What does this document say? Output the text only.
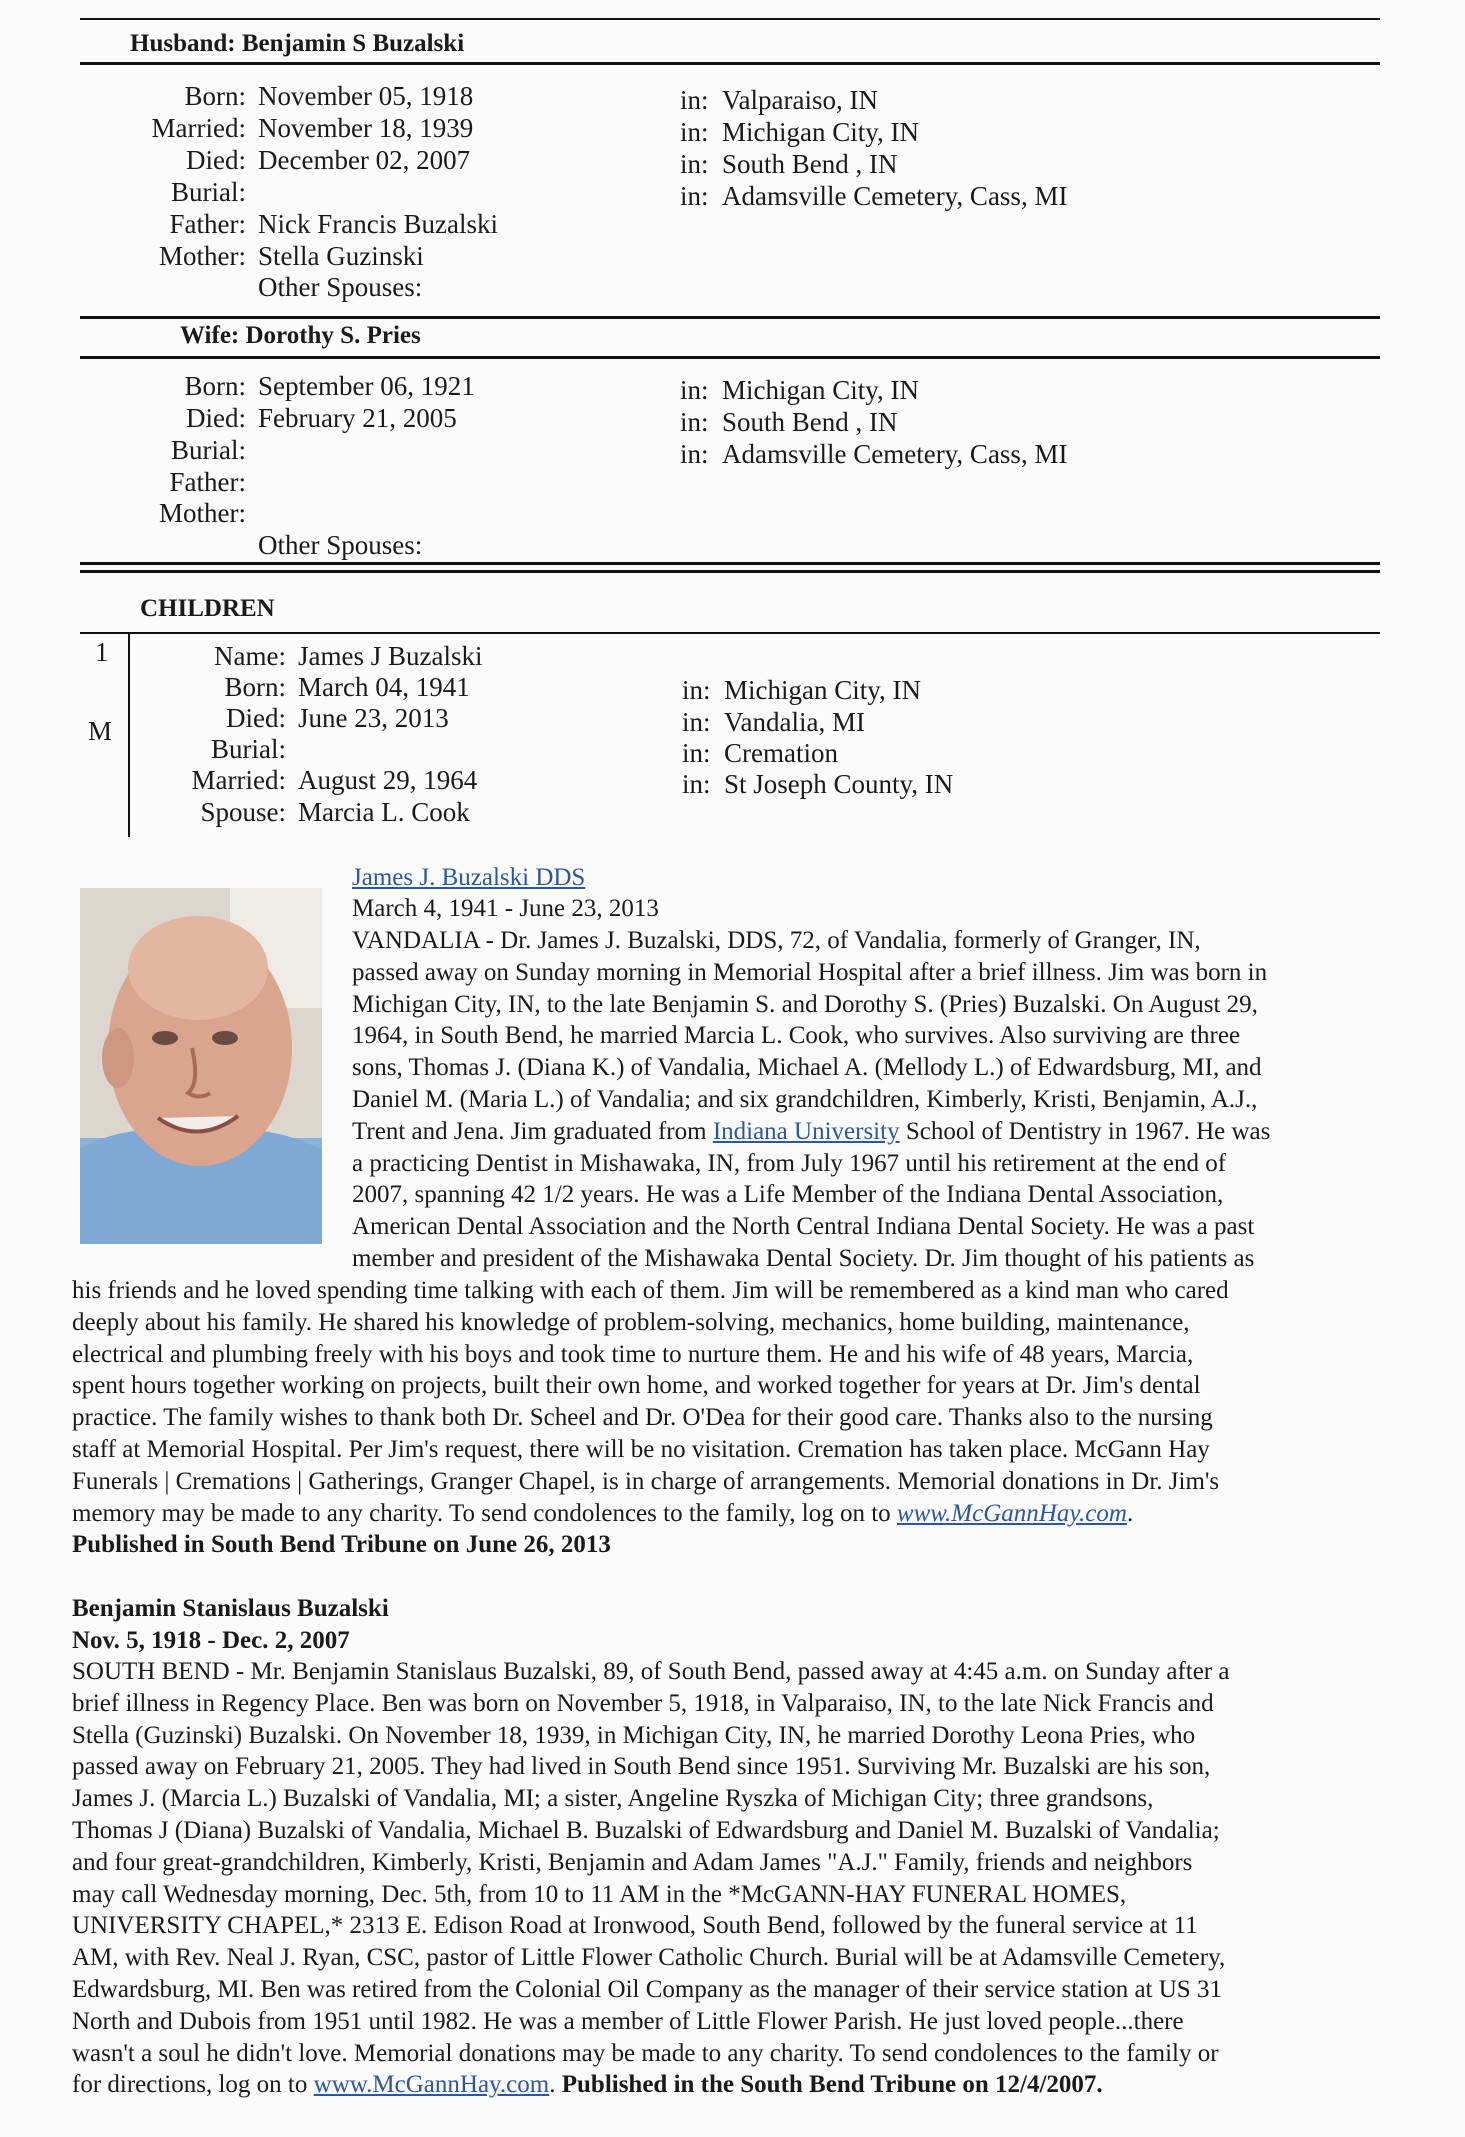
Husband: Benjamin S Buzalski
Born: November 05, 1918	in: Valparaiso, IN
Married: November 18, 1939	in: Michigan City, IN
Died: December 02, 2007	in: South Bend , IN
Burial:	in: Adamsville Cemetery, Cass, MI
Father: Nick Francis Buzalski
Mother: Stella Guzinski
Other Spouses:
Wife: Dorothy S. Pries
Born: September 06, 1921	in: Michigan City, IN
Died: February 21, 2005	in: South Bend , IN
Burial:	in: Adamsville Cemetery, Cass, MI
Father:
Mother:
Other Spouses:
CHILDREN
1
M
Name: James J Buzalski
Born: March 04, 1941	in: Michigan City, IN
Died: June 23, 2013	in: Vandalia, MI
Burial:	in: Cremation
Married: August 29, 1964	in: St Joseph County, IN
Spouse: Marcia L. Cook
James J. Buzalski DDS
March 4, 1941 - June 23, 2013
VANDALIA - Dr. James J. Buzalski, DDS, 72, of Vandalia, formerly of Granger, IN,
passed away on Sunday morning in Memorial Hospital after a brief illness. Jim was born in
Michigan City, IN, to the late Benjamin S. and Dorothy S. (Pries) Buzalski. On August 29,
1964, in South Bend, he married Marcia L. Cook, who survives. Also surviving are three
sons, Thomas J. (Diana K.) of Vandalia, Michael A. (Mellody L.) of Edwardsburg, MI, and
Daniel M. (Maria L.) of Vandalia; and six grandchildren, Kimberly, Kristi, Benjamin, A.J.,
Trent and Jena. Jim graduated from Indiana University School of Dentistry in 1967. He was
a practicing Dentist in Mishawaka, IN, from July 1967 until his retirement at the end of
2007, spanning 42 1/2 years. He was a Life Member of the Indiana Dental Association,
American Dental Association and the North Central Indiana Dental Society. He was a past
member and president of the Mishawaka Dental Society. Dr. Jim thought of his patients as
his friends and he loved spending time talking with each of them. Jim will be remembered as a kind man who cared
deeply about his family. He shared his knowledge of problem-solving, mechanics, home building, maintenance,
electrical and plumbing freely with his boys and took time to nurture them. He and his wife of 48 years, Marcia,
spent hours together working on projects, built their own home, and worked together for years at Dr. Jim's dental
practice. The family wishes to thank both Dr. Scheel and Dr. O'Dea for their good care. Thanks also to the nursing
staff at Memorial Hospital. Per Jim's request, there will be no visitation. Cremation has taken place. McGann Hay
Funerals | Cremations | Gatherings, Granger Chapel, is in charge of arrangements. Memorial donations in Dr. Jim's
memory may be made to any charity. To send condolences to the family, log on to www.McGannHay.com.
Published in South Bend Tribune on June 26, 2013
Benjamin Stanislaus Buzalski
Nov. 5, 1918 - Dec. 2, 2007
SOUTH BEND - Mr. Benjamin Stanislaus Buzalski, 89, of South Bend, passed away at 4:45 a.m. on Sunday after a
brief illness in Regency Place. Ben was born on November 5, 1918, in Valparaiso, IN, to the late Nick Francis and
Stella (Guzinski) Buzalski. On November 18, 1939, in Michigan City, IN, he married Dorothy Leona Pries, who
passed away on February 21, 2005. They had lived in South Bend since 1951. Surviving Mr. Buzalski are his son,
James J. (Marcia L.) Buzalski of Vandalia, MI; a sister, Angeline Ryszka of Michigan City; three grandsons,
Thomas J (Diana) Buzalski of Vandalia, Michael B. Buzalski of Edwardsburg and Daniel M. Buzalski of Vandalia;
and four great-grandchildren, Kimberly, Kristi, Benjamin and Adam James "A.J." Family, friends and neighbors
may call Wednesday morning, Dec. 5th, from 10 to 11 AM in the *McGANN-HAY FUNERAL HOMES,
UNIVERSITY CHAPEL,* 2313 E. Edison Road at Ironwood, South Bend, followed by the funeral service at 11
AM, with Rev. Neal J. Ryan, CSC, pastor of Little Flower Catholic Church. Burial will be at Adamsville Cemetery,
Edwardsburg, MI. Ben was retired from the Colonial Oil Company as the manager of their service station at US 31
North and Dubois from 1951 until 1982. He was a member of Little Flower Parish. He just loved people...there
wasn't a soul he didn't love. Memorial donations may be made to any charity. To send condolences to the family or
for directions, log on to www.McGannHay.com. Published in the South Bend Tribune on 12/4/2007.
